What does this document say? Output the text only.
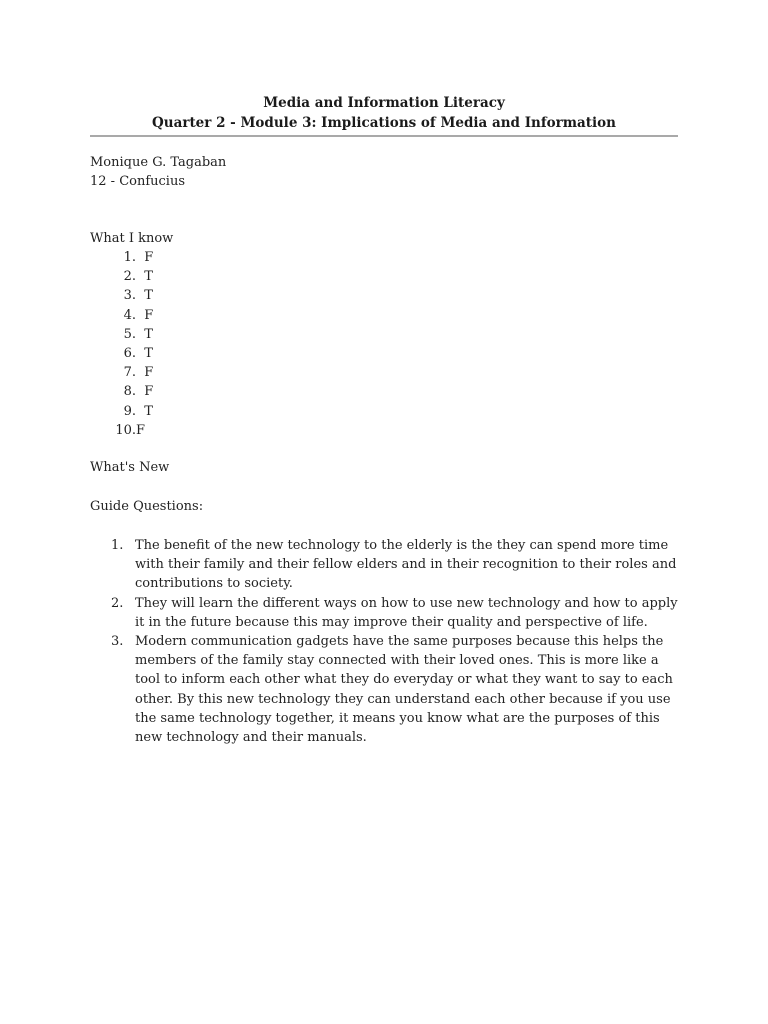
Media and Information Literacy
Quarter 2 - Module 3: Implications of Media and Information
Monique G. Tagaban
12 - Confucius
What I know
1.
F
2.
T
3.
T
4.
F
5.
T
6.
T
7.
F
8.
F
9.
T
10. F
What's New
Guide Questions:
1. The benefit of the new technology to the elderly is the they can spend more time with their family and their fellow elders and in their recognition to their roles and contributions to society.
2. They will learn the different ways on how to use new technology and how to apply it in the future because this may improve their quality and perspective of life.
3. Modern communication gadgets have the same purposes because this helps the members of the family stay connected with their loved ones. This is more like a tool to inform each other what they do everyday or what they want to say to each other. By this new technology they can understand each other because if you use the same technology together, it means you know what are the purposes of this new technology and their manuals.
